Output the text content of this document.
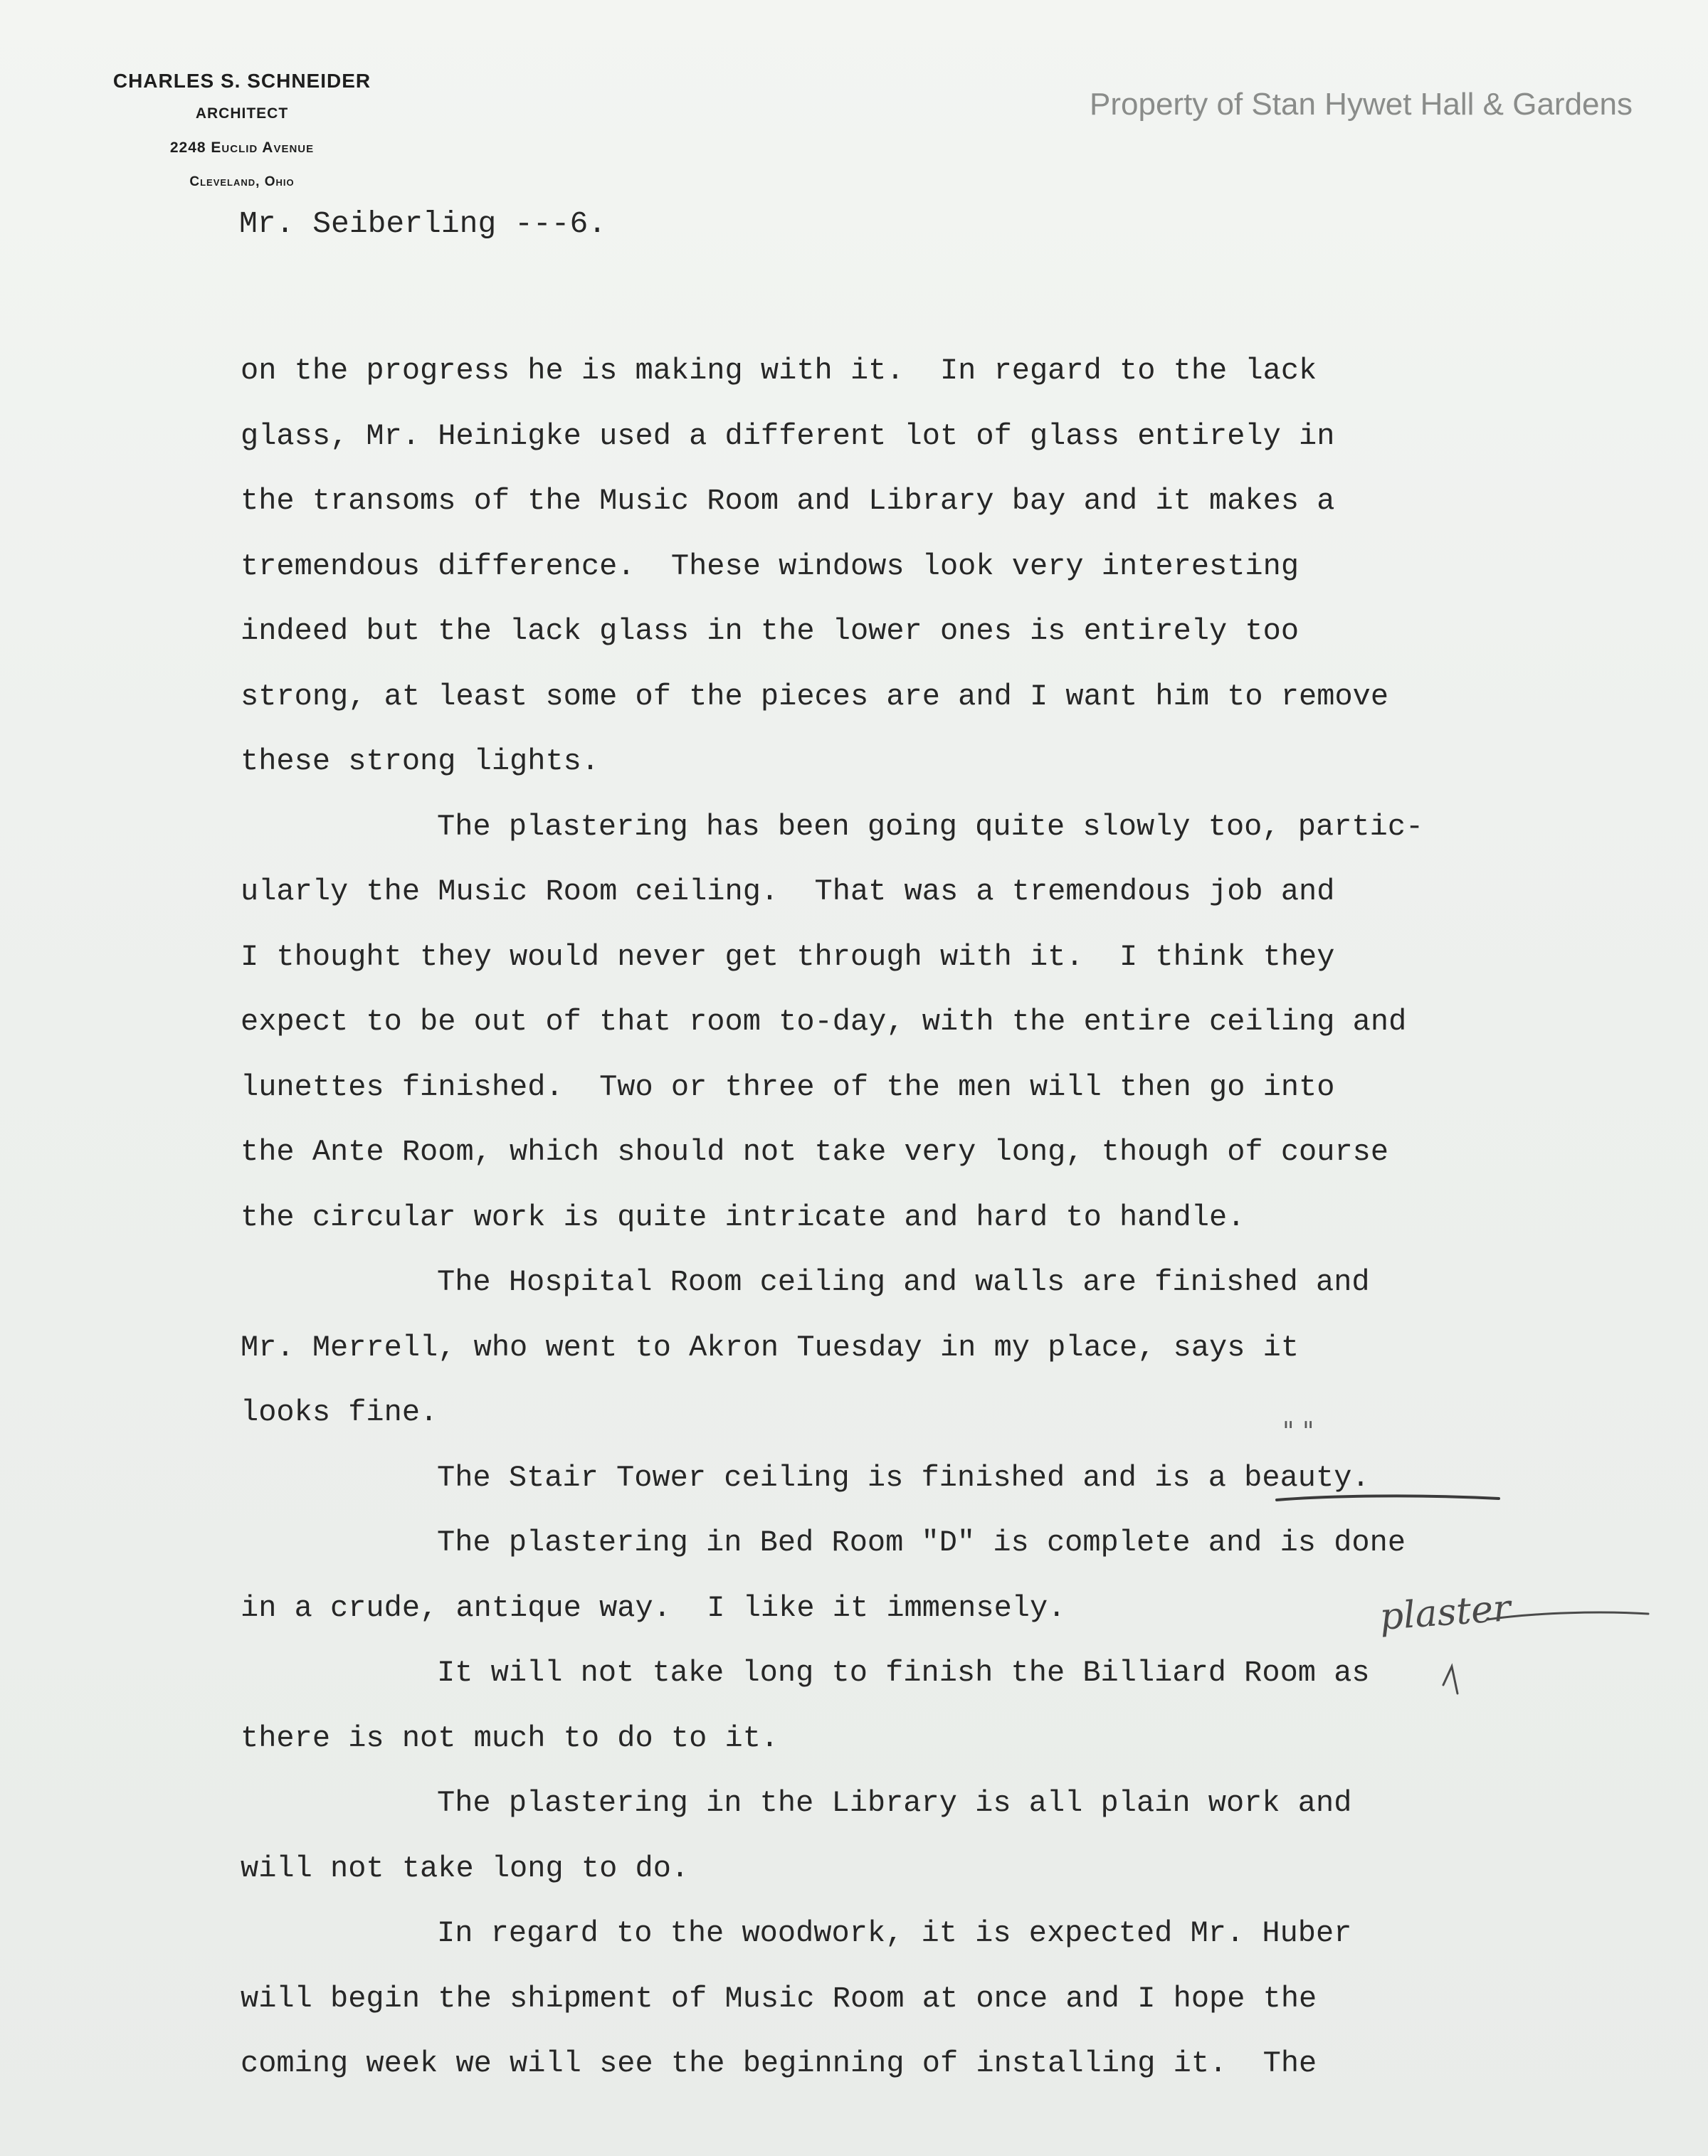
CHARLES S. SCHNEIDER
ARCHITECT
2248 Euclid Avenue
Cleveland, Ohio
Property of Stan Hywet Hall & Gardens
Mr. Seiberling ---6.
on the progress he is making with it.  In regard to the lack
glass, Mr. Heinigke used a different lot of glass entirely in
the transoms of the Music Room and Library bay and it makes a
tremendous difference.  These windows look very interesting
indeed but the lack glass in the lower ones is entirely too
strong, at least some of the pieces are and I want him to remove
these strong lights.
The plastering has been going quite slowly too, partic-
ularly the Music Room ceiling.  That was a tremendous job and
I thought they would never get through with it.  I think they
expect to be out of that room to-day, with the entire ceiling and
lunettes finished.  Two or three of the men will then go into
the Ante Room, which should not take very long, though of course
the circular work is quite intricate and hard to handle.
The Hospital Room ceiling and walls are finished and
Mr. Merrell, who went to Akron Tuesday in my place, says it
looks fine.
The Stair Tower ceiling is finished and is a beauty.
The plastering in Bed Room "D" is complete and is done
in a crude, antique way.  I like it immensely.
It will not take long to finish the Billiard Room as
there is not much to do to it.
The plastering in the Library is all plain work and
will not take long to do.
In regard to the woodwork, it is expected Mr. Huber
will begin the shipment of Music Room at once and I hope the
coming week we will see the beginning of installing it.  The
" "
plaster
